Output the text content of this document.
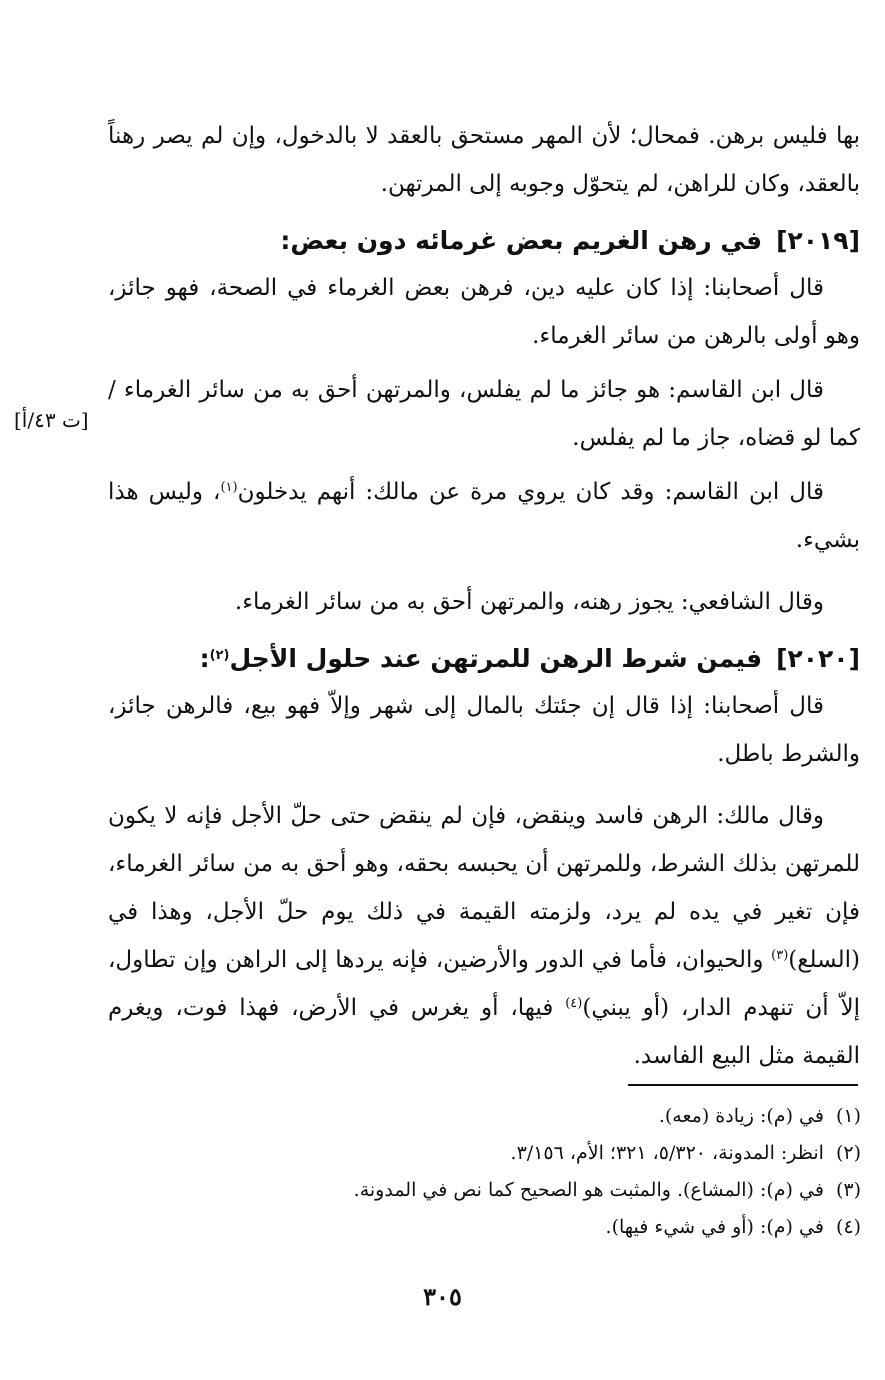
بها فليس برهن. فمحال؛ لأن المهر مستحق بالعقد لا بالدخول، وإن لم يصر رهناً بالعقد، وكان للراهن، لم يتحوّل وجوبه إلى المرتهن.

[٢٠١٩]في رهن الغريم بعض غرمائه دون بعض:

قال أصحابنا: إذا كان عليه دين، فرهن بعض الغرماء في الصحة، فهو جائز، وهو أولى بالرهن من سائر الغرماء.

قال ابن القاسم: هو جائز ما لم يفلس، والمرتهن أحق به من سائر الغرماء / كما لو قضاه، جاز ما لم يفلس.

قال ابن القاسم: وقد كان يروي مرة عن مالك: أنهم يدخلون$^{(١)}$، وليس هذا بشيء.

وقال الشافعي: يجوز رهنه، والمرتهن أحق به من سائر الغرماء.

[٢٠٢٠]فيمن شرط الرهن للمرتهن عند حلول الأجل$^{(٢)}$:

قال أصحابنا: إذا قال إن جئتك بالمال إلى شهر وإلاّ فهو بيع، فالرهن جائز، والشرط باطل.

وقال مالك: الرهن فاسد وينقض، فإن لم ينقض حتى حلّ الأجل فإنه لا يكون للمرتهن بذلك الشرط، وللمرتهن أن يحبسه بحقه، وهو أحق به من سائر الغرماء، فإن تغير في يده لم يرد، ولزمته القيمة في ذلك يوم حلّ الأجل، وهذا في (السلع)$^{(٣)}$ والحيوان، فأما في الدور والأرضين، فإنه يردها إلى الراهن وإن تطاول، إلاّ أن تنهدم الدار، (أو يبني)$^{(٤)}$ فيها، أو يغرس في الأرض، فهذا فوت، ويغرم القيمة مثل البيع الفاسد.

[ت ٤٣/أ]
(١)في (م): زيادة (معه).
(٢)انظر: المدونة، ٥/٣٢٠، ٣٢١؛ الأم، ٣/١٥٦.
(٣)في (م): (المشاع). والمثبت هو الصحيح كما نص في المدونة.
(٤)في (م): (أو في شيء فيها).
٣٠٥
